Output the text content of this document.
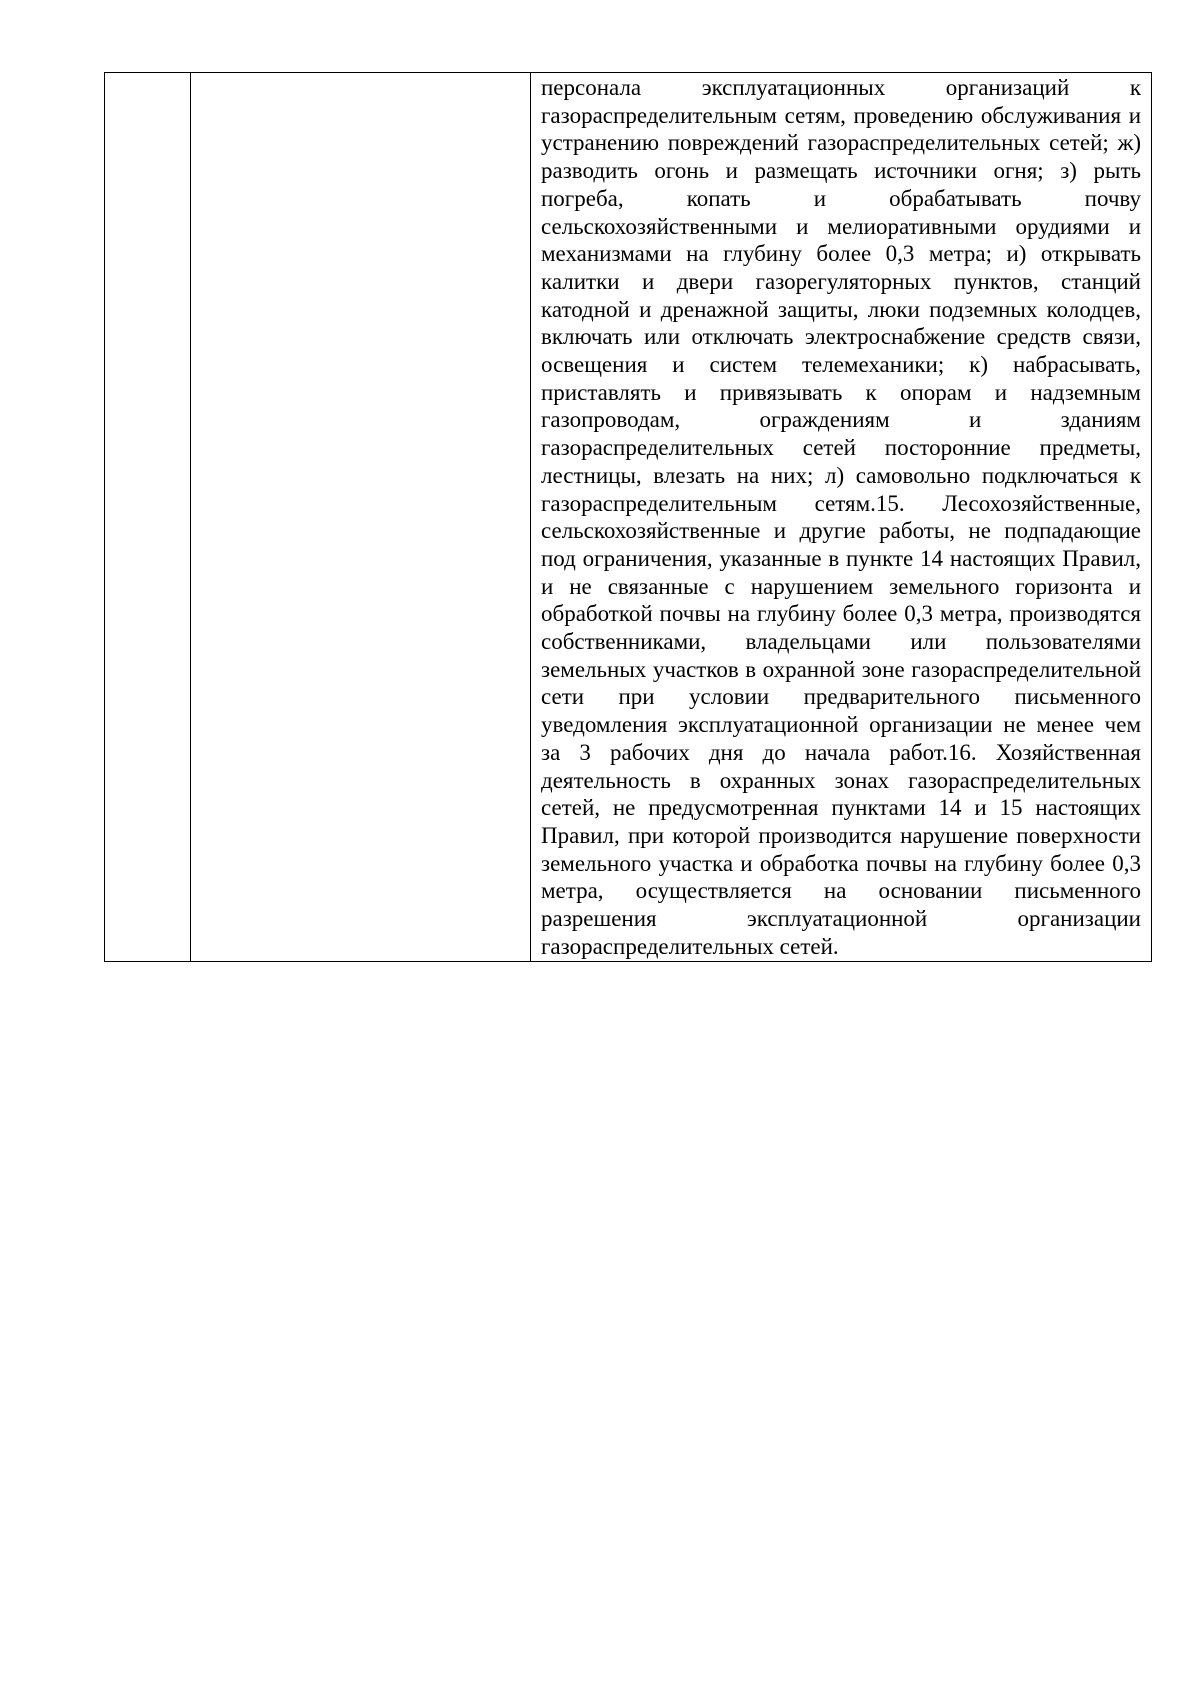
персонала эксплуатационных организаций к газораспределительным сетям, проведению обслуживания и устранению повреждений газораспределительных сетей; ж) разводить огонь и размещать источники огня; з) рыть погреба, копать и обрабатывать почву сельскохозяйственными и мелиоративными орудиями и механизмами на глубину более 0,3 метра; и) открывать калитки и двери газорегуляторных пунктов, станций катодной и дренажной защиты, люки подземных колодцев, включать или отключать электроснабжение средств связи, освещения и систем телемеханики; к) набрасывать, приставлять и привязывать к опорам и надземным газопроводам, ограждениям и зданиям газораспределительных сетей посторонние предметы, лестницы, влезать на них; л) самовольно подключаться к газораспределительным сетям.15. Лесохозяйственные, сельскохозяйственные и другие работы, не подпадающие под ограничения, указанные в пункте 14 настоящих Правил, и не связанные с нарушением земельного горизонта и обработкой почвы на глубину более 0,3 метра, производятся собственниками, владельцами или пользователями земельных участков в охранной зоне газораспределительной сети при условии предварительного письменного уведомления эксплуатационной организации не менее чем за 3 рабочих дня до начала работ.16. Хозяйственная деятельность в охранных зонах газораспределительных сетей, не предусмотренная пунктами 14 и 15 настоящих Правил, при которой производится нарушение поверхности земельного участка и обработка почвы на глубину более 0,3 метра, осуществляется на основании письменного разрешения эксплуатационной организации газораспределительных сетей.
